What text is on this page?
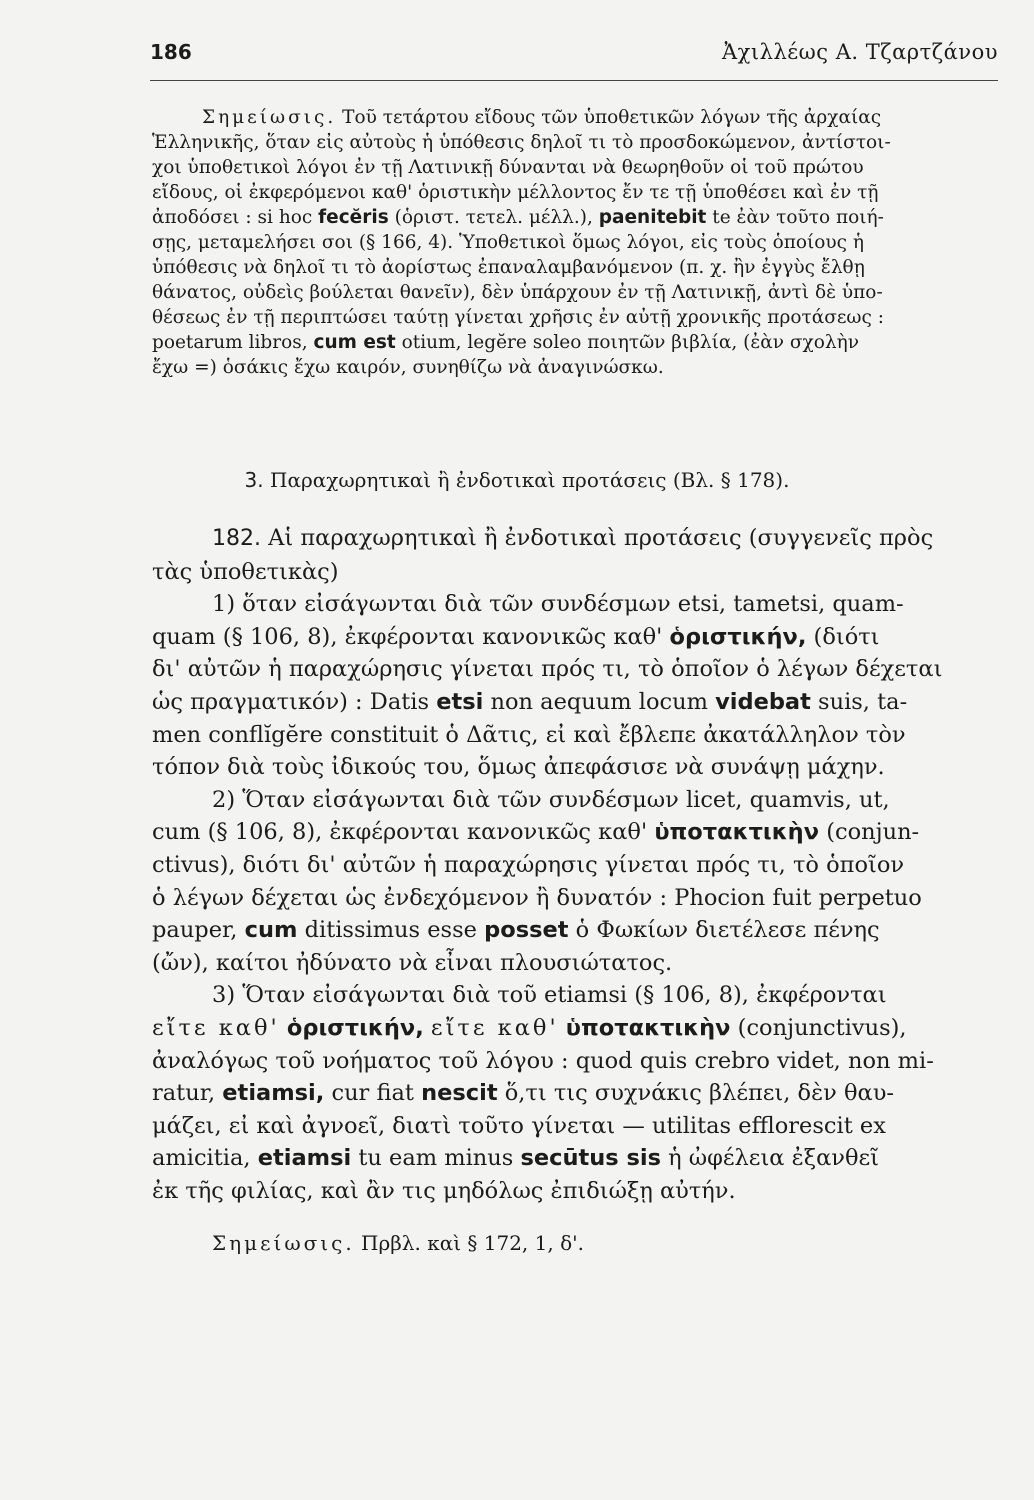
186	Ἀχιλλέως Α. Τζαρτζάνου

Σημείωσις. Τοῦ τετάρτου εἴδους τῶν ὑποθετικῶν λόγων τῆς ἀρχαίας

Ἑλληνικῆς, ὅταν εἰς αὐτοὺς ἡ ὑπόθεσις δηλοῖ τι τὸ προσδοκώμενον, ἀντίστοι-

χοι ὑποθετικοὶ λόγοι ἐν τῇ Λατινικῇ δύνανται νὰ θεωρηθοῦν οἱ τοῦ πρώτου

εἴδους, οἱ ἐκφερόμενοι καθ' ὁριστικὴν μέλλοντος ἔν τε τῇ ὑποθέσει καὶ ἐν τῇ

ἀποδόσει : si hoc fecĕris (ὁριστ. τετελ. μέλλ.), paenitebit te ἐὰν τοῦτο ποιή-

σῃς, μεταμελήσει σοι (§ 166, 4). Ὑποθετικοὶ ὅμως λόγοι, εἰς τοὺς ὁποίους ἡ

ὑπόθεσις νὰ δηλοῖ τι τὸ ἀορίστως ἐπαναλαμβανόμενον (π. χ. ἢν ἐγγὺς ἔλθῃ

θάνατος, οὐδεὶς βούλεται θανεῖν), δὲν ὑπάρχουν ἐν τῇ Λατινικῇ, ἀντὶ δὲ ὑπο-

θέσεως ἐν τῇ περιπτώσει ταύτῃ γίνεται χρῆσις ἐν αὐτῇ χρονικῆς προτάσεως :

poetarum libros, cum est otium, legĕre soleo ποιητῶν βιβλία, (ἐὰν σχολὴν

ἔχω =) ὁσάκις ἔχω καιρόν, συνηθίζω νὰ ἀναγινώσκω.

3. Παραχωρητικαὶ ἢ ἐνδοτικαὶ προτάσεις (Βλ. § 178).

182. Αἱ παραχωρητικαὶ ἢ ἐνδοτικαὶ προτάσεις (συγγενεῖς πρὸς

τὰς ὑποθετικὰς)

1) ὅταν εἰσάγωνται διὰ τῶν συνδέσμων etsi, tametsi, quam-

quam (§ 106, 8), ἐκφέρονται κανονικῶς καθ' ὁριστικήν, (διότι

δι' αὐτῶν ἡ παραχώρησις γίνεται πρός τι, τὸ ὁποῖον ὁ λέγων δέχεται

ὡς πραγματικόν) : Datis etsi non aequum locum videbat suis, ta-

men conflĭgĕre constituit ὁ Δᾶτις, εἰ καὶ ἔβλεπε ἀκατάλληλον τὸν

τόπον διὰ τοὺς ἰδικούς του, ὅμως ἀπεφάσισε νὰ συνάψῃ μάχην.

2) Ὅταν εἰσάγωνται διὰ τῶν συνδέσμων licet, quamvis, ut,

cum (§ 106, 8), ἐκφέρονται κανονικῶς καθ' ὑποτακτικὴν (conjun-

ctivus), διότι δι' αὐτῶν ἡ παραχώρησις γίνεται πρός τι, τὸ ὁποῖον

ὁ λέγων δέχεται ὡς ἐνδεχόμενον ἢ δυνατόν : Phocion fuit perpetuo

pauper, cum ditissimus esse posset ὁ Φωκίων διετέλεσε πένης

(ὤν), καίτοι ἠδύνατο νὰ εἶναι πλουσιώτατος.

3) Ὅταν εἰσάγωνται διὰ τοῦ etiamsi (§ 106, 8), ἐκφέρονται

εἴτε καθ' ὁριστικήν, εἴτε καθ' ὑποτακτικὴν (conjunctivus),

ἀναλόγως τοῦ νοήματος τοῦ λόγου : quod quis crebro videt, non mi-

ratur, etiamsi, cur fiat nescit ὅ,τι τις συχνάκις βλέπει, δὲν θαυ-

μάζει, εἰ καὶ ἀγνοεῖ, διατὶ τοῦτο γίνεται — utilitas efflorescit ex

amicitia, etiamsi tu eam minus secūtus sis ἡ ὠφέλεια ἐξανθεῖ

ἐκ τῆς φιλίας, καὶ ἂν τις μηδόλως ἐπιδιώξῃ αὐτήν.

Σημείωσις. Πρβλ. καὶ § 172, 1, δ'.
